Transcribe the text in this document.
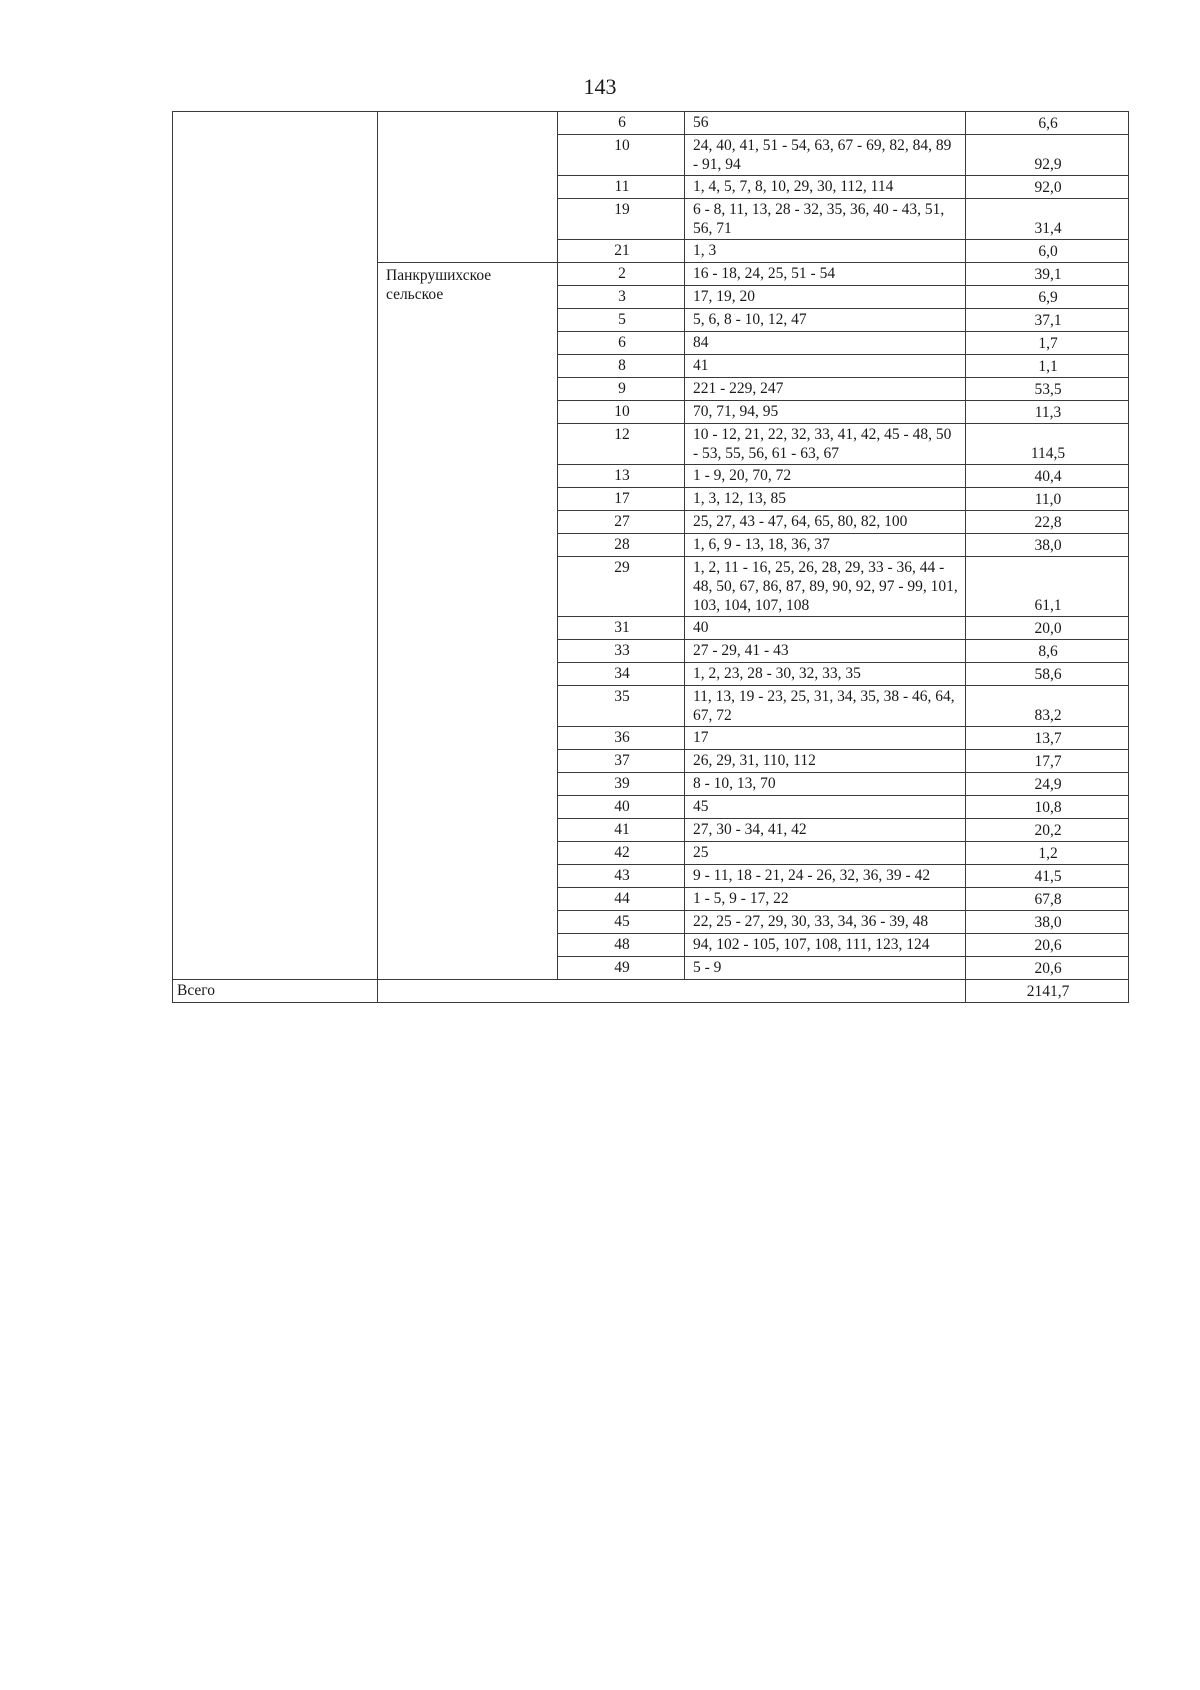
143
		6	56	6,6
		10	24, 40, 41, 51 - 54, 63, 67 - 69, 82, 84, 89 - 91, 94	92,9
		11	1, 4, 5, 7, 8, 10, 29, 30, 112, 114	92,0
		19	6 - 8, 11, 13, 28 - 32, 35, 36, 40 - 43, 51, 56, 71	31,4
		21	1, 3	6,0
	Панкрушихское сельское	2	16 - 18, 24, 25, 51 - 54	39,1
		3	17, 19, 20	6,9
		5	5, 6, 8 - 10, 12, 47	37,1
		6	84	1,7
		8	41	1,1
		9	221 - 229, 247	53,5
		10	70, 71, 94, 95	11,3
		12	10 - 12, 21, 22, 32, 33, 41, 42, 45 - 48, 50 - 53, 55, 56, 61 - 63, 67	114,5
		13	1 - 9, 20, 70, 72	40,4
		17	1, 3, 12, 13, 85	11,0
		27	25, 27, 43 - 47, 64, 65, 80, 82, 100	22,8
		28	1, 6, 9 - 13, 18, 36, 37	38,0
		29	1, 2, 11 - 16, 25, 26, 28, 29, 33 - 36, 44 - 48, 50, 67, 86, 87, 89, 90, 92, 97 - 99, 101, 103, 104, 107, 108	61,1
		31	40	20,0
		33	27 - 29, 41 - 43	8,6
		34	1, 2, 23, 28 - 30, 32, 33, 35	58,6
		35	11, 13, 19 - 23, 25, 31, 34, 35, 38 - 46, 64, 67, 72	83,2
		36	17	13,7
		37	26, 29, 31, 110, 112	17,7
		39	8 - 10, 13, 70	24,9
		40	45	10,8
		41	27, 30 - 34, 41, 42	20,2
		42	25	1,2
		43	9 - 11, 18 - 21, 24 - 26, 32, 36, 39 - 42	41,5
		44	1 - 5, 9 - 17, 22	67,8
		45	22, 25 - 27, 29, 30, 33, 34, 36 - 39, 48	38,0
		48	94, 102 - 105, 107, 108, 111, 123, 124	20,6
		49	5 - 9	20,6
Всего				2141,7
